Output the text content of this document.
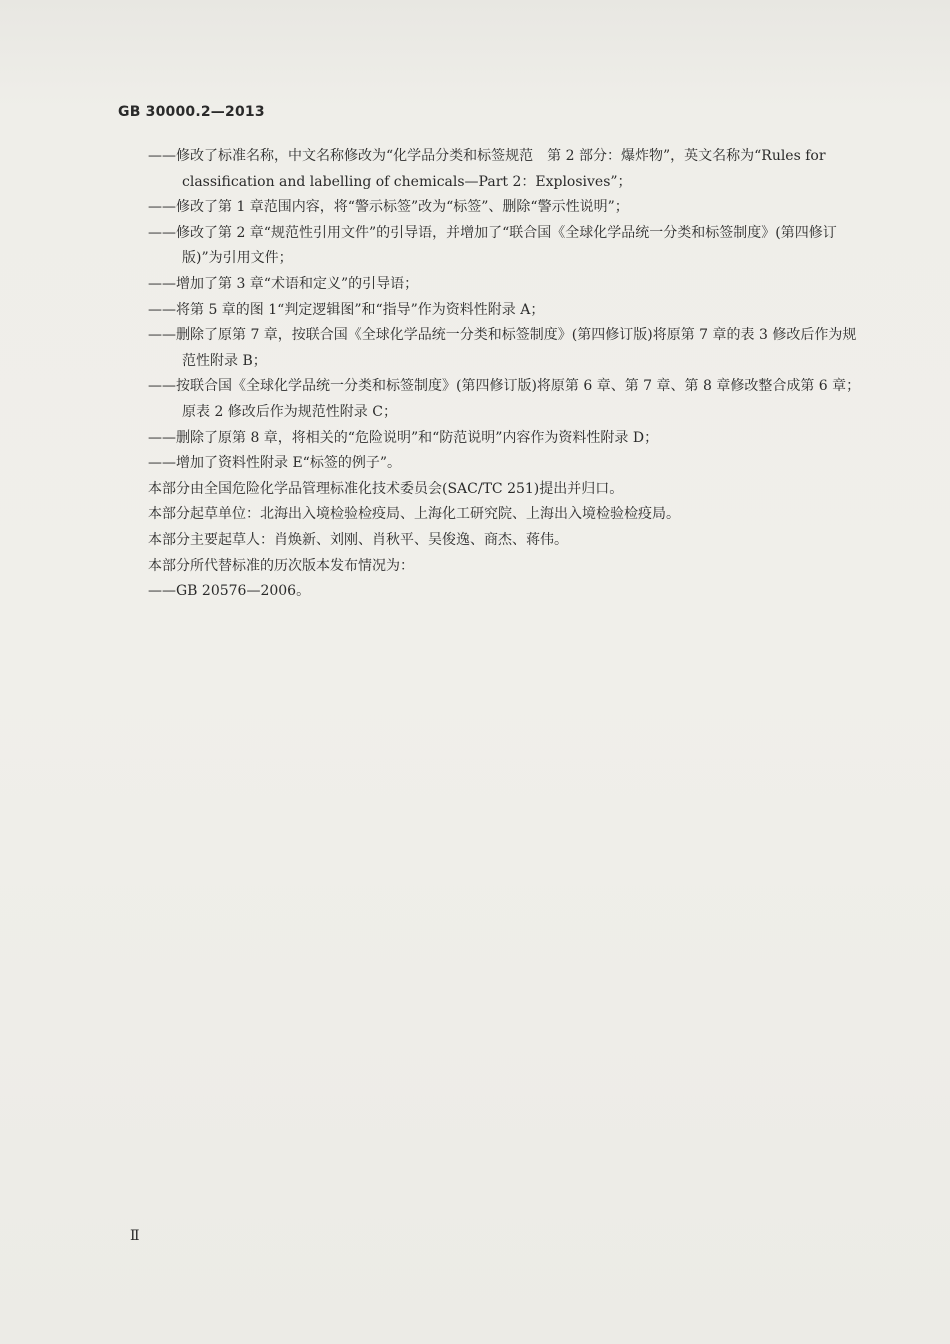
GB 30000.2—2013
——修改了标准名称，中文名称修改为“化学品分类和标签规范　第 2 部分：爆炸物”，英文名称为“Rules for classification and labelling of chemicals—Part 2：Explosives”；
——修改了第 1 章范围内容，将“警示标签”改为“标签”、删除“警示性说明”；
——修改了第 2 章“规范性引用文件”的引导语，并增加了“联合国《全球化学品统一分类和标签制度》(第四修订版)”为引用文件；
——增加了第 3 章“术语和定义”的引导语；
——将第 5 章的图 1“判定逻辑图”和“指导”作为资料性附录 A；
——删除了原第 7 章，按联合国《全球化学品统一分类和标签制度》(第四修订版)将原第 7 章的表 3 修改后作为规范性附录 B；
——按联合国《全球化学品统一分类和标签制度》(第四修订版)将原第 6 章、第 7 章、第 8 章修改整合成第 6 章；原表 2 修改后作为规范性附录 C；
——删除了原第 8 章，将相关的“危险说明”和“防范说明”内容作为资料性附录 D；
——增加了资料性附录 E“标签的例子”。
本部分由全国危险化学品管理标准化技术委员会(SAC/TC 251)提出并归口。
本部分起草单位：北海出入境检验检疫局、上海化工研究院、上海出入境检验检疫局。
本部分主要起草人：肖焕新、刘刚、肖秋平、吴俊逸、商杰、蒋伟。
本部分所代替标准的历次版本发布情况为：
——GB 20576—2006。
Ⅱ
